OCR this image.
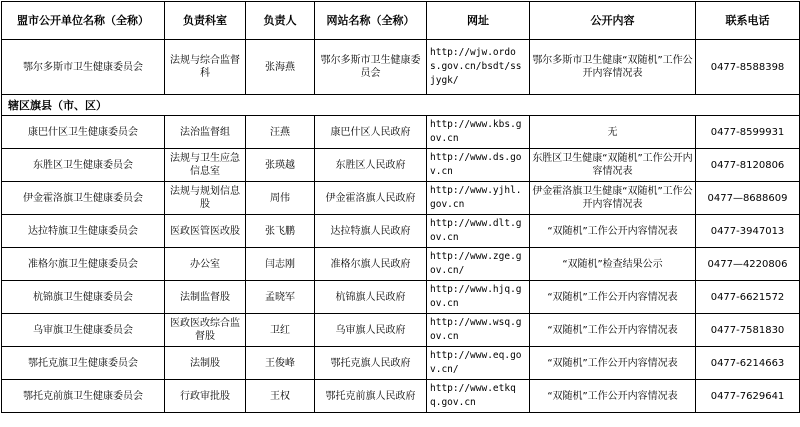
盟市公开单位名称（全称）	负责科室	负责人	网站名称（全称）	网址	公开内容	联系电话
鄂尔多斯市卫生健康委员会	法规与综合监督科	张海燕	鄂尔多斯市卫生健康委员会	http://wjw.ordos.gov.cn/bsdt/ssjygk/	鄂尔多斯市卫生健康“双随机”工作公开内容情况表	0477-8588398
辖区旗县（市、区）						
康巴什区卫生健康委员会	法治监督组	汪燕	康巴什区人民政府	http://www.kbs.gov.cn	无	0477-8599931
东胜区卫生健康委员会	法规与卫生应急信息室	张瑛越	东胜区人民政府	http://www.ds.gov.cn	东胜区卫生健康“双随机”工作公开内容情况表	0477-8120806
伊金霍洛旗卫生健康委员会	法规与规划信息股	周伟	伊金霍洛旗人民政府	http://www.yjhl.gov.cn	伊金霍洛旗卫生健康“双随机”工作公开内容情况表	0477—8688609
达拉特旗卫生健康委员会	医政医管医改股	张飞鹏	达拉特旗人民政府	http://www.dlt.gov.cn	“双随机”工作公开内容情况表	0477-3947013
准格尔旗卫生健康委员会	办公室	闫志刚	准格尔旗人民政府	http://www.zge.gov.cn/	“双随机”检查结果公示	0477—4220806
杭锦旗卫生健康委员会	法制监督股	孟晓军	杭锦旗人民政府	http://www.hjq.gov.cn	“双随机”工作公开内容情况表	0477-6621572
乌审旗卫生健康委员会	医政医改综合监督股	卫红	乌审旗人民政府	http://www.wsq.gov.cn	“双随机”工作公开内容情况表	0477-7581830
鄂托克旗卫生健康委员会	法制股	王俊峰	鄂托克旗人民政府	http://www.eq.gov.cn/	“双随机”工作公开内容情况表	0477-6214663
鄂托克前旗卫生健康委员会	行政审批股	王权	鄂托克前旗人民政府	http://www.etkqq.gov.cn	“双随机”工作公开内容情况表	0477-7629641
